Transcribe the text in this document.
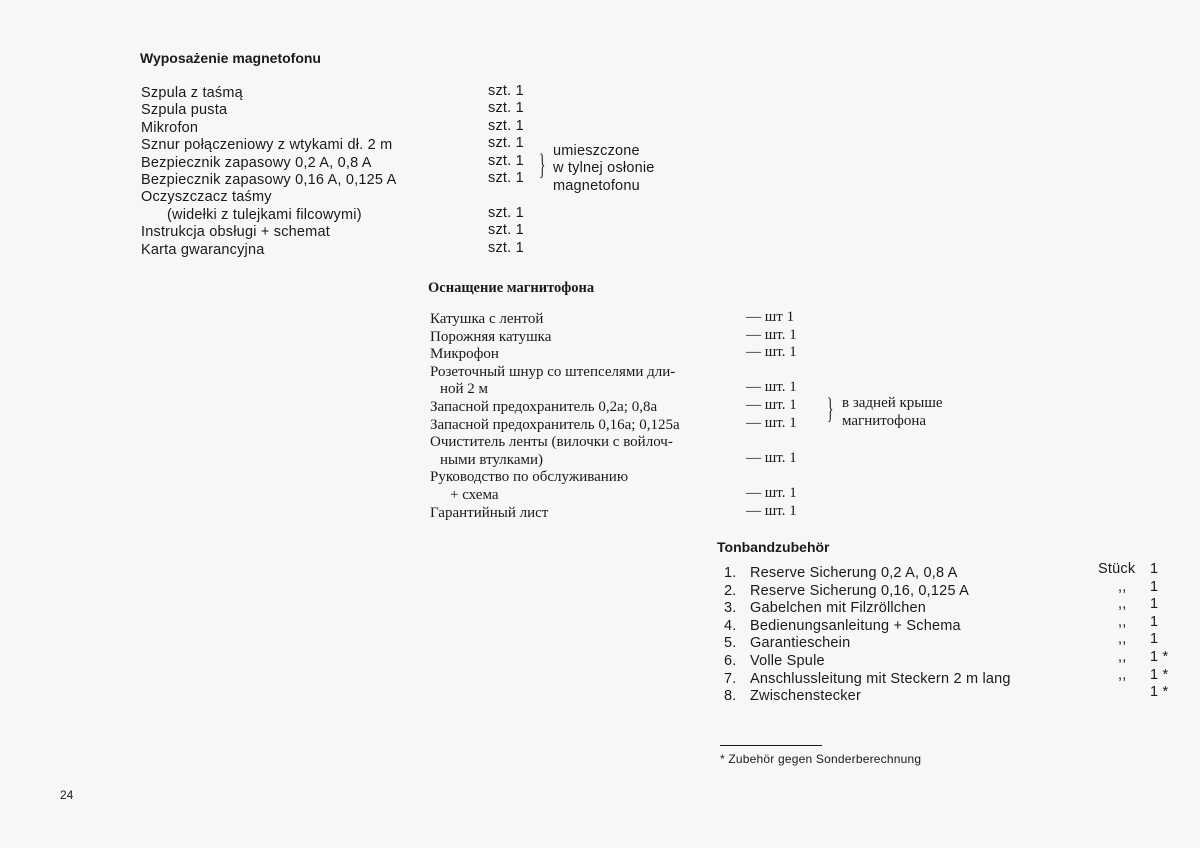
Wyposażenie magnetofonu
Szpula z taśmą
Szpula pusta
Mikrofon
Sznur połączeniowy z wtykami dł. 2 m
Bezpiecznik zapasowy 0,2 A, 0,8 A
Bezpiecznik zapasowy 0,16 A, 0,125 A
Oczyszczacz taśmy
(widełki z tulejkami filcowymi)
Instrukcja obsługi + schemat
Karta gwarancyjna
szt. 1
szt. 1
szt. 1
szt. 1
szt. 1
szt. 1
szt. 1
szt. 1
szt. 1
} umieszczone
w tylnej osłonie
magnetofonu
Оснащение магнитофона
Катушка с лентой
Порожняя катушка
Микрофон
Розеточный шнур со штепселями дли-
ной 2 м
Запасной предохранитель 0,2а; 0,8а
Запасной предохранитель 0,16а; 0,125а
Очиститель ленты (вилочки с войлоч-
ными втулками)
Руководство по обслуживанию
+ схема
Гарантийный лист
— шт 1
— шт. 1
— шт. 1
— шт. 1
— шт. 1
— шт. 1
— шт. 1
— шт. 1
— шт. 1
} в задней крыше
магнитофона
Tonbandzubehör
1.
2.
3.
4.
5.
6.
7.
8.
Reserve Sicherung 0,2 A, 0,8 A
Reserve Sicherung 0,16, 0,125 A
Gabelchen mit Filzröllchen
Bedienungsanleitung + Schema
Garantieschein
Volle Spule
Anschlussleitung mit Steckern 2 m lang
Zwischenstecker
Stück
,,
,,
,,
,,
,,
,,
1
1
1
1
1
1 *
1 *
1 *
* Zubehör gegen Sonderberechnung
24
